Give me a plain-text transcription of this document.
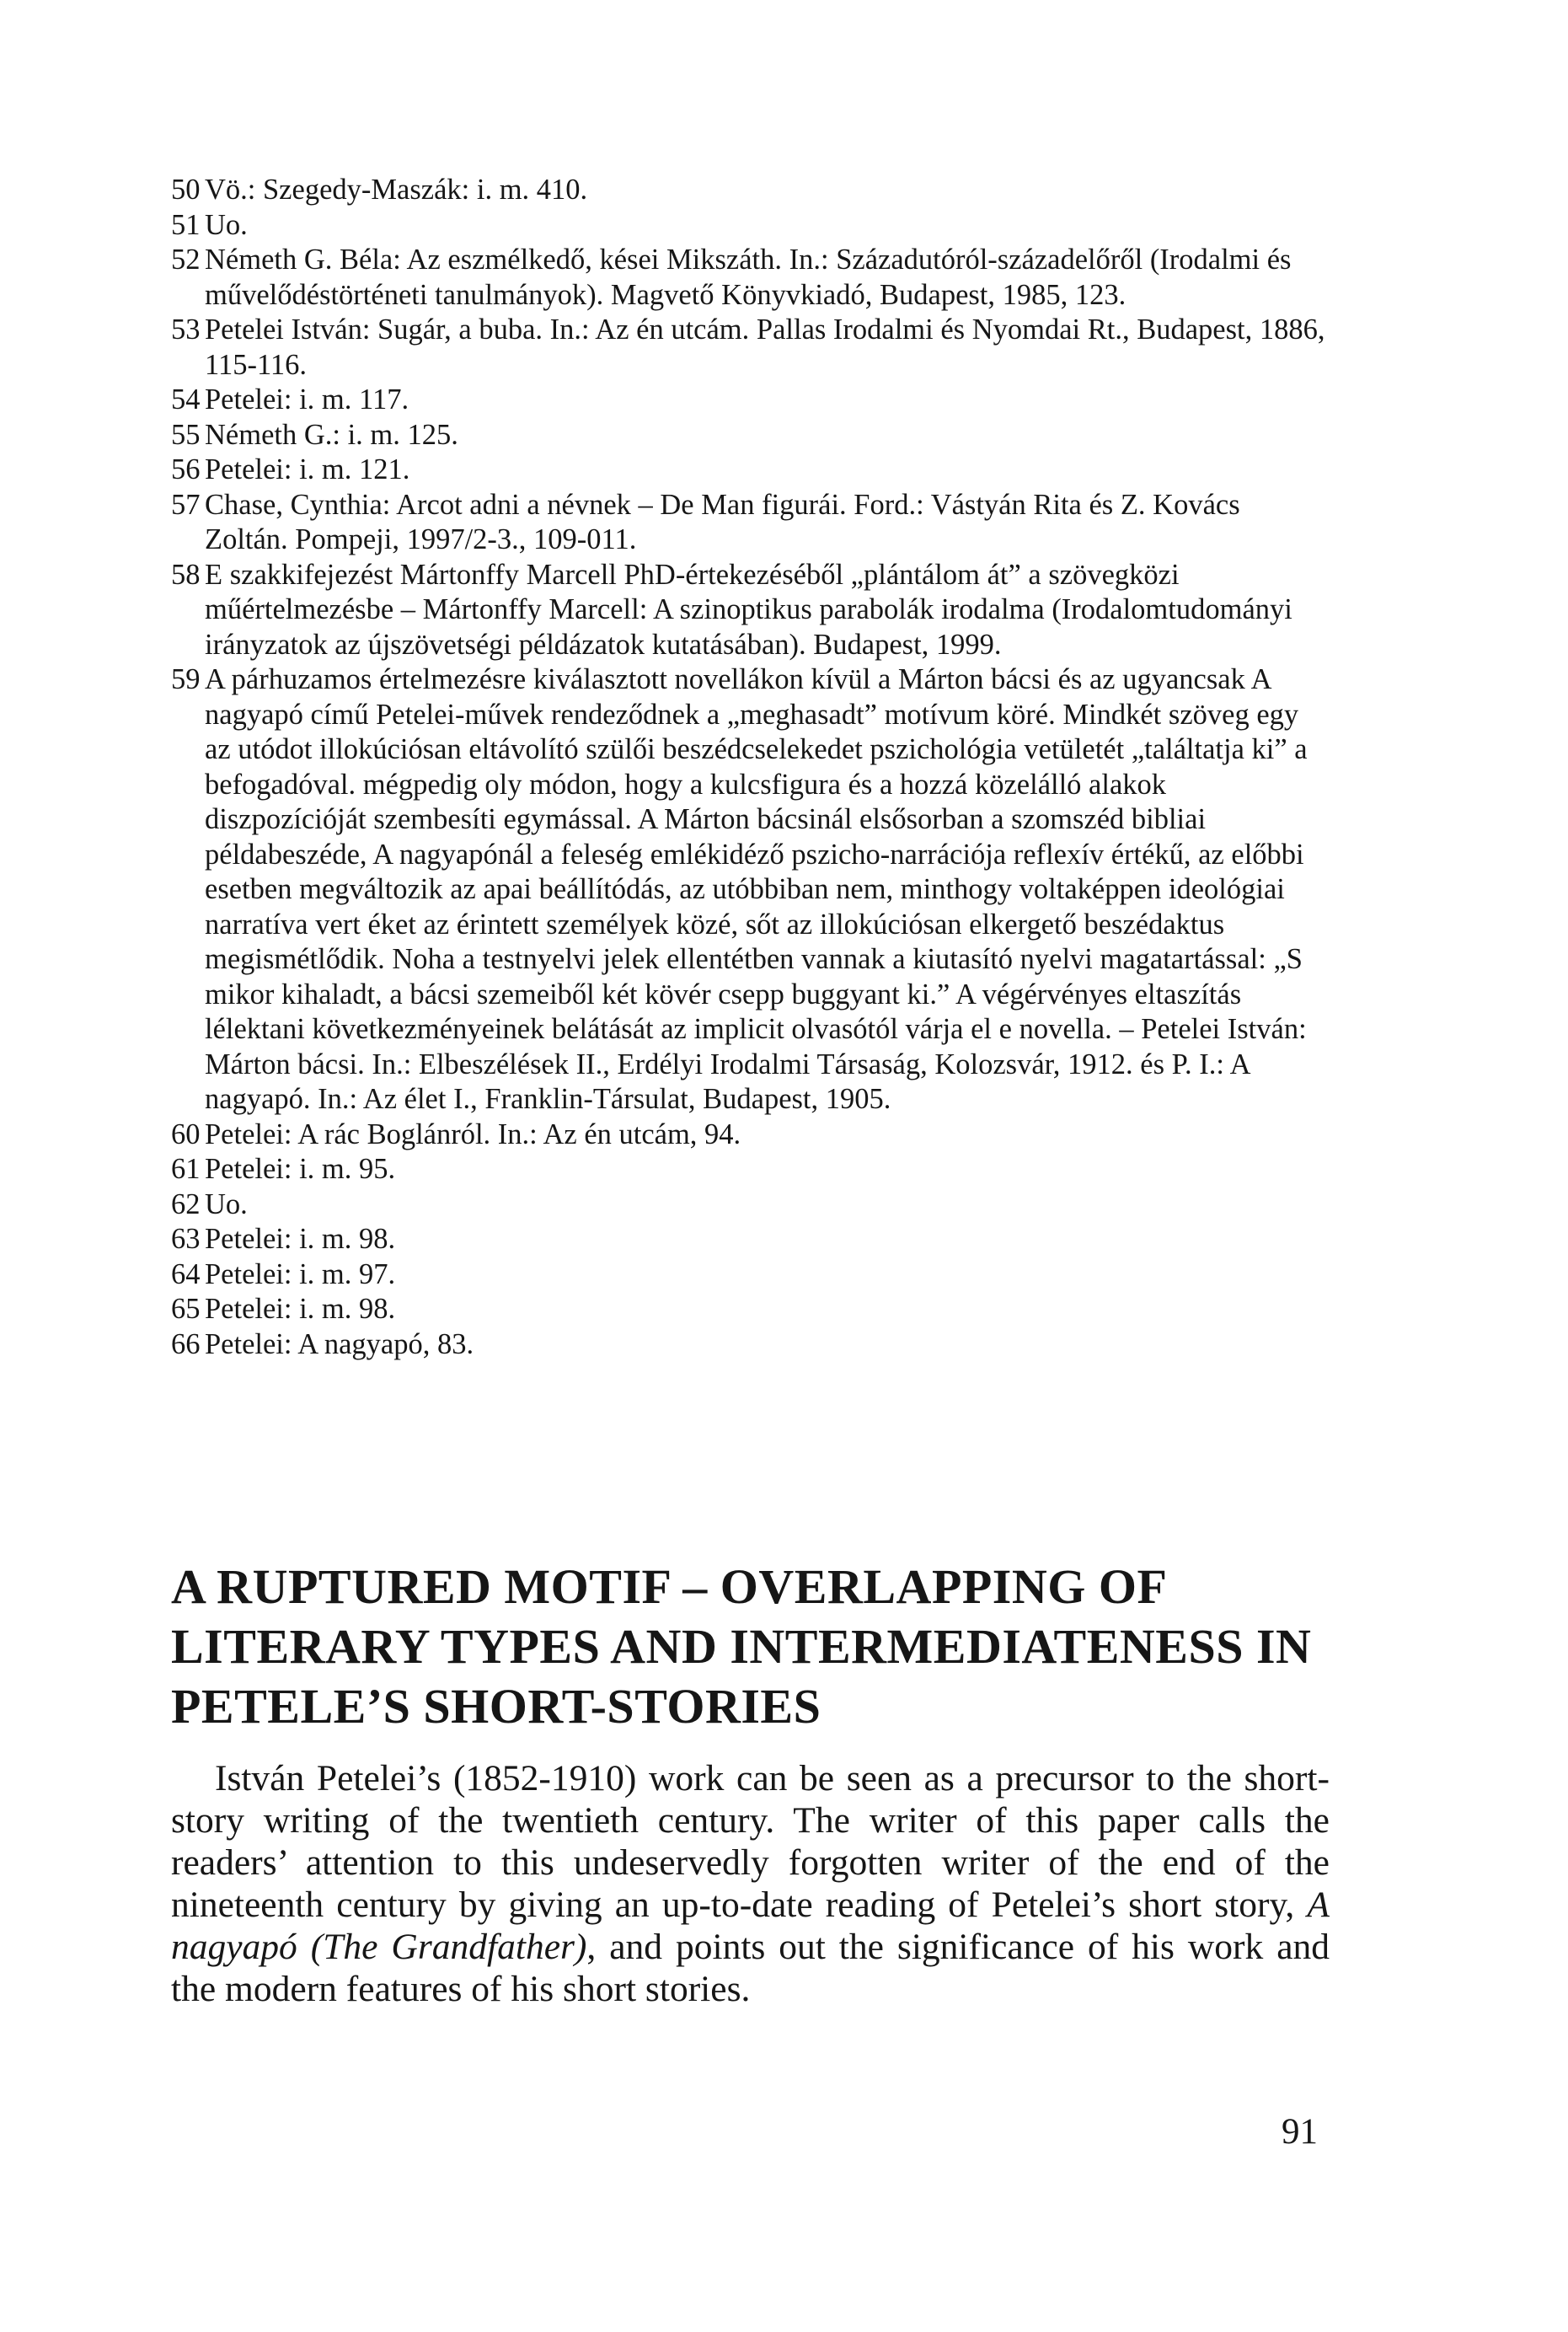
50 Vö.: Szegedy-Maszák: i. m. 410.
51 Uo.
52 Németh G. Béla: Az eszmélkedő, kései Mikszáth. In.: Századutóról-századelőről (Irodalmi és művelődéstörténeti tanulmányok). Magvető Könyvkiadó, Budapest, 1985, 123.
53 Petelei István: Sugár, a buba. In.: Az én utcám. Pallas Irodalmi és Nyomdai Rt., Budapest, 1886, 115-116.
54 Petelei: i. m. 117.
55 Németh G.: i. m. 125.
56 Petelei: i. m. 121.
57 Chase, Cynthia: Arcot adni a névnek – De Man figurái. Ford.: Vástyán Rita és Z. Kovács Zoltán. Pompeji, 1997/2-3., 109-011.
58 E szakkifejezést Mártonffy Marcell PhD-értekezéséből „plántálom át” a szövegközi műértelmezésbe – Mártonffy Marcell: A szinoptikus parabolák irodalma (Irodalomtudományi irányzatok az újszövetségi példázatok kutatásában). Budapest, 1999.
59 A párhuzamos értelmezésre kiválasztott novellákon kívül a Márton bácsi és az ugyancsak A nagyapó című Petelei-művek rendeződnek a „meghasadt” motívum köré. Mindkét szöveg egy az utódot illokúciósan eltávolító szülői beszédcselekedet pszichológia vetületét „találtatja ki” a befogadóval. mégpedig oly módon, hogy a kulcsfigura és a hozzá közelálló alakok diszpozícióját szembesíti egymással. A Márton bácsinál elsősorban a szomszéd bibliai példabeszéde, A nagyapónál a feleség emlékidéző pszicho-narrációja reflexív értékű, az előbbi esetben megváltozik az apai beállítódás, az utóbbiban nem, minthogy voltaképpen ideológiai narratíva vert éket az érintett személyek közé, sőt az illokúciósan elkergető beszédaktus megismétlődik. Noha a testnyelvi jelek ellentétben vannak a kiutasító nyelvi magatartással: „S mikor kihaladt, a bácsi szemeiből két kövér csepp buggyant ki.” A végérvényes eltaszítás lélektani következményeinek belátását az implicit olvasótól várja el e novella. – Petelei István: Márton bácsi. In.: Elbeszélések II., Erdélyi Irodalmi Társaság, Kolozsvár, 1912. és P. I.: A nagyapó. In.: Az élet I., Franklin-Társulat, Budapest, 1905.
60 Petelei: A rác Boglánról. In.: Az én utcám, 94.
61 Petelei: i. m. 95.
62 Uo.
63 Petelei: i. m. 98.
64 Petelei: i. m. 97.
65 Petelei: i. m. 98.
66 Petelei: A nagyapó, 83.
A RUPTURED MOTIF – OVERLAPPING OF LITERARY TYPES AND INTERMEDIATENESS IN PETELE’S SHORT-STORIES

István Petelei’s (1852-1910) work can be seen as a precursor to the short-story writing of the twentieth century. The writer of this paper calls the readers’ attention to this undeservedly forgotten writer of the end of the nineteenth century by giving an up-to-date reading of Petelei’s short story, A nagyapó (The Grandfather), and points out the significance of his work and the modern features of his short stories.

91
